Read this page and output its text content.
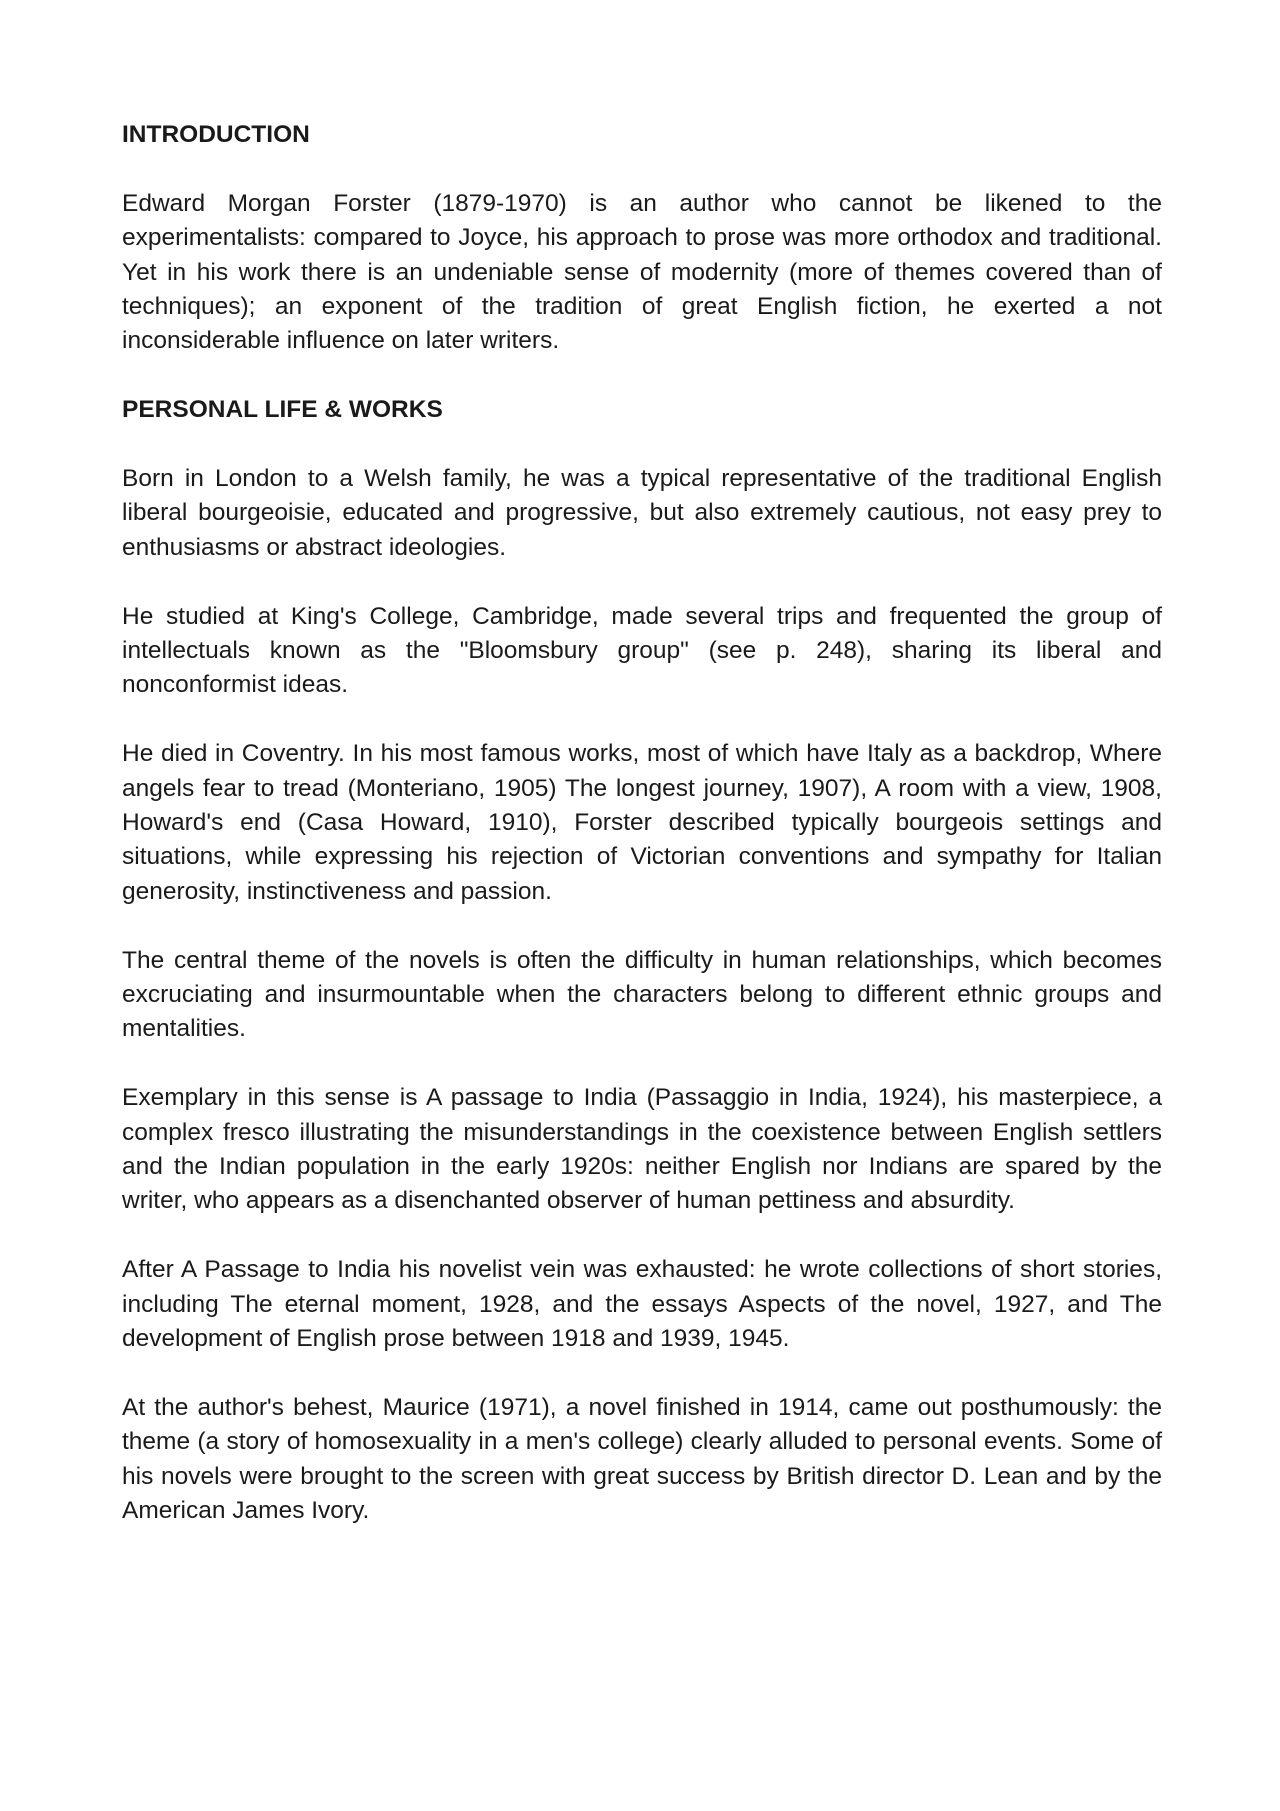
INTRODUCTION

Edward Morgan Forster (1879-1970) is an author who cannot be likened to the experimentalists: compared to Joyce, his approach to prose was more orthodox and traditional. Yet in his work there is an undeniable sense of modernity (more of themes covered than of techniques); an exponent of the tradition of great English fiction, he exerted a not inconsiderable influence on later writers.

PERSONAL LIFE & WORKS

Born in London to a Welsh family, he was a typical representative of the traditional English liberal bourgeoisie, educated and progressive, but also extremely cautious, not easy prey to enthusiasms or abstract ideologies.

He studied at King's College, Cambridge, made several trips and frequented the group of intellectuals known as the "Bloomsbury group" (see p. 248), sharing its liberal and nonconformist ideas.

He died in Coventry. In his most famous works, most of which have Italy as a backdrop, Where angels fear to tread (Monteriano, 1905) The longest journey, 1907), A room with a view, 1908, Howard's end (Casa Howard, 1910), Forster described typically bourgeois settings and situations, while expressing his rejection of Victorian conventions and sympathy for Italian generosity, instinctiveness and passion.

The central theme of the novels is often the difficulty in human relationships, which becomes excruciating and insurmountable when the characters belong to different ethnic groups and mentalities.

Exemplary in this sense is A passage to India (Passaggio in India, 1924), his masterpiece, a complex fresco illustrating the misunderstandings in the coexistence between English settlers and the Indian population in the early 1920s: neither English nor Indians are spared by the writer, who appears as a disenchanted observer of human pettiness and absurdity.

After A Passage to India his novelist vein was exhausted: he wrote collections of short stories, including The eternal moment, 1928, and the essays Aspects of the novel, 1927, and The development of English prose between 1918 and 1939, 1945.

At the author's behest, Maurice (1971), a novel finished in 1914, came out posthumously: the theme (a story of homosexuality in a men's college) clearly alluded to personal events. Some of his novels were brought to the screen with great success by British director D. Lean and by the American James Ivory.
